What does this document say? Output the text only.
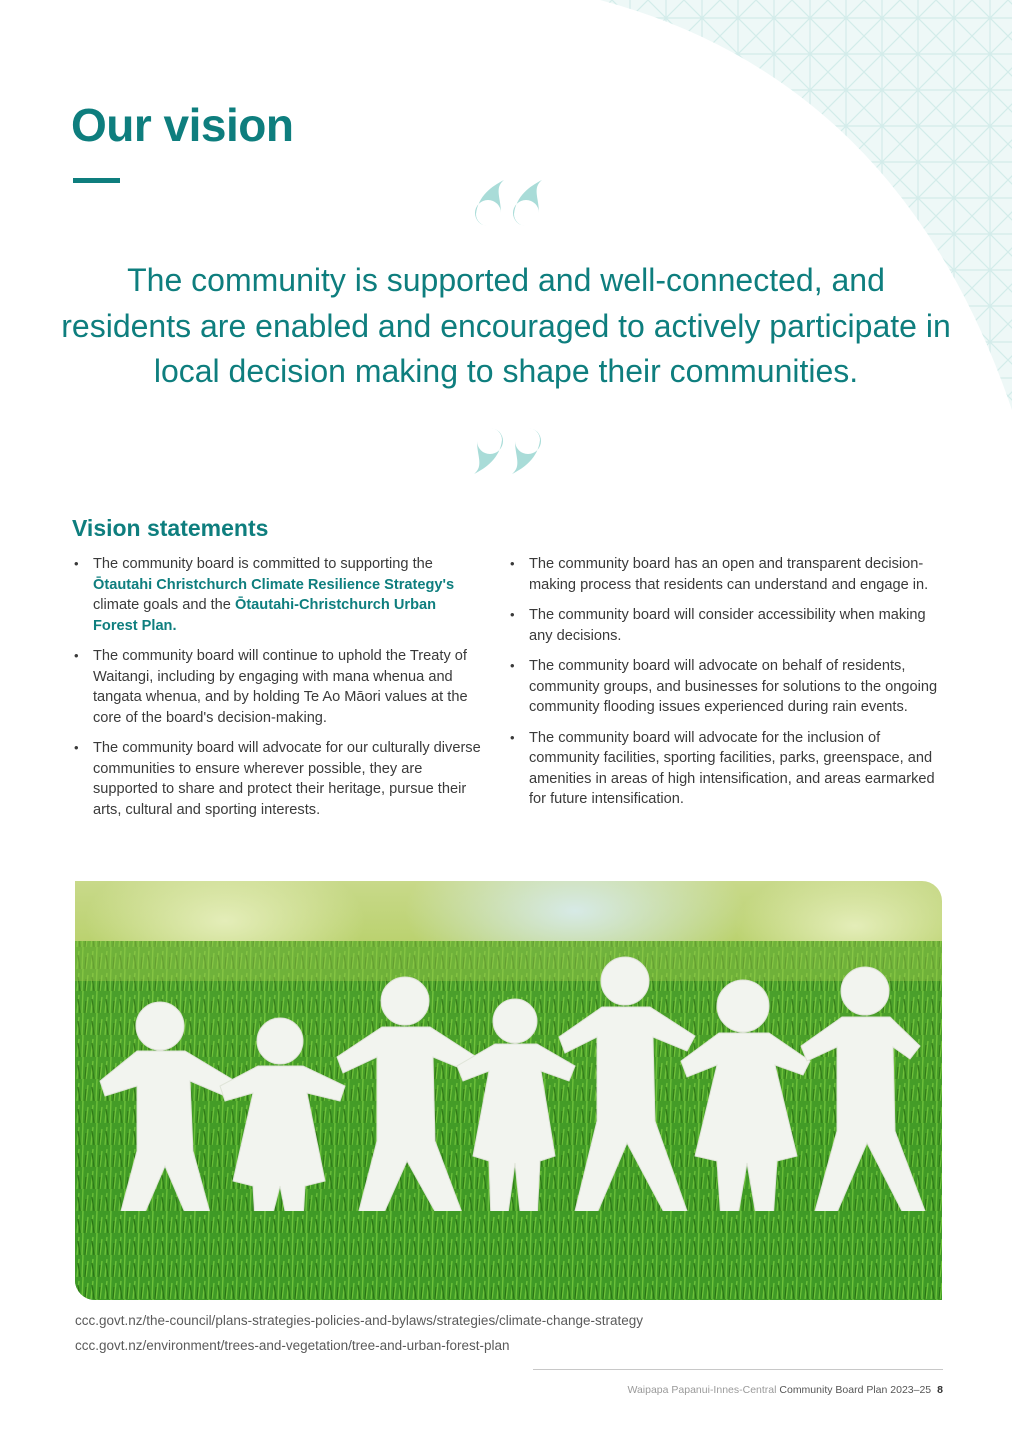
Our vision

The community is supported and well-connected, and residents are enabled and encouraged to actively participate in local decision making to shape their communities.

Vision statements
• The community board is committed to supporting the Ōtautahi Christchurch Climate Resilience Strategy's climate goals and the Ōtautahi-Christchurch Urban Forest Plan.
• The community board will continue to uphold the Treaty of Waitangi, including by engaging with mana whenua and tangata whenua, and by holding Te Ao Māori values at the core of the board's decision-making.
• The community board will advocate for our culturally diverse communities to ensure wherever possible, they are supported to share and protect their heritage, pursue their arts, cultural and sporting interests.
• The community board has an open and transparent decision-making process that residents can understand and engage in.
• The community board will consider accessibility when making any decisions.
• The community board will advocate on behalf of residents, community groups, and businesses for solutions to the ongoing community flooding issues experienced during rain events.
• The community board will advocate for the inclusion of community facilities, sporting facilities, parks, greenspace, and amenities in areas of high intensification, and areas earmarked for future intensification.

ccc.govt.nz/the-council/plans-strategies-policies-and-bylaws/strategies/climate-change-strategy

ccc.govt.nz/environment/trees-and-vegetation/tree-and-urban-forest-plan

Waipapa Papanui-Innes-Central Community Board Plan 2023–25 8
